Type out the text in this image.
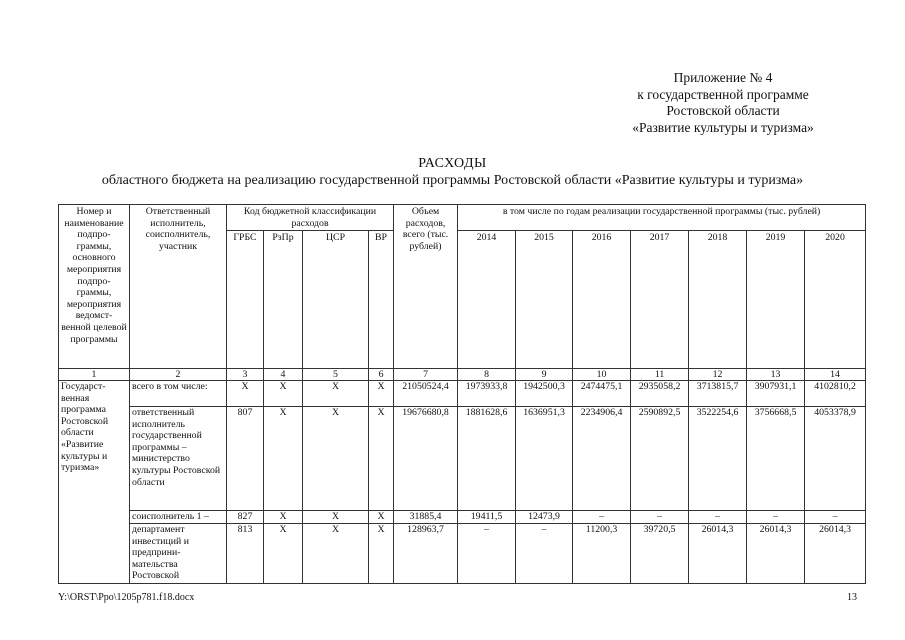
Приложение № 4
к государственной программе
Ростовской области
«Развитие культуры и туризма»
РАСХОДЫ
областного бюджета на реализацию государственной программы Ростовской области «Развитие культуры и туризма»
Номер и наименование подпро-граммы, основного мероприятия подпро-граммы, мероприятия ведомст-венной целевой программы	Ответственный исполнитель, соисполнитель, участник	Код бюджетной классификации расходов				Объем расходов, всего (тыс. рублей)	в том числе по годам реализации государственной программы (тыс. рублей)						
		ГРБС	РзПр	ЦСР	ВР		2014	2015	2016	2017	2018	2019	2020
1	2	3	4	5	6	7	8	9	10	11	12	13	14
Государст-венная программа Ростовской области «Развитие культуры и туризма»	всего в том числе:	Х	Х	Х	Х	21050524,4	1973933,8	1942500,3	2474475,1	2935058,2	3713815,7	3907931,1	4102810,2
	ответственный исполнитель государственной программы – министерство культуры Ростовской области	807	Х	Х	Х	19676680,8	1881628,6	1636951,3	2234906,4	2590892,5	3522254,6	3756668,5	4053378,9
	соисполнитель 1 –	827	Х	Х	Х	31885,4	19411,5	12473,9	–	–	–	–	–
	департамент инвестиций и предприни-мательства Ростовской	813	Х	Х	Х	128963,7	–	–	11200,3	39720,5	26014,3	26014,3	26014,3
Y:\ORST\Ppo\1205p781.f18.docx	13
